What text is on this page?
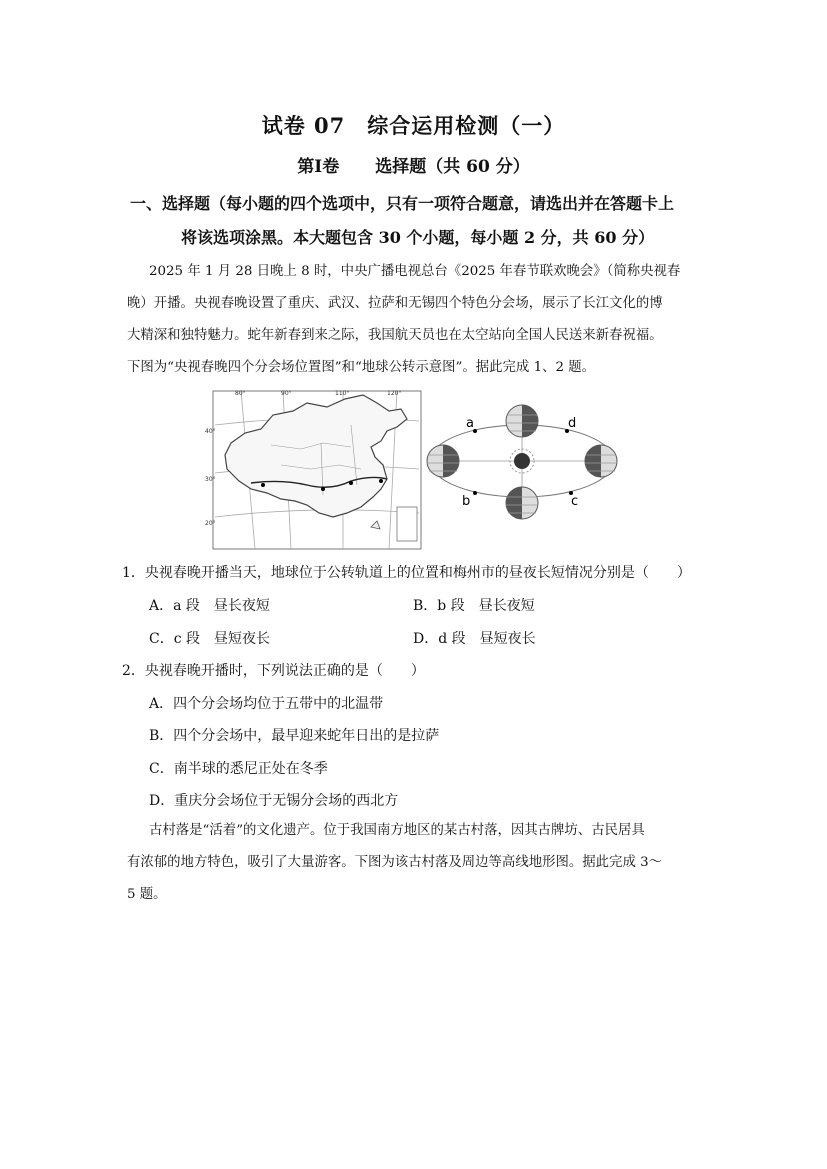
试卷 07　综合运用检测（一）
第Ⅰ卷 选择题（共 60 分）
一、选择题（每小题的四个选项中，只有一项符合题意，请选出并在答题卡上
将该选项涂黑。本大题包含 30 个小题，每小题 2 分，共 60 分）
2025 年 1 月 28 日晚上 8 时，中央广播电视总台《2025 年春节联欢晚会》（简称央视春
晚）开播。央视春晚设置了重庆、武汉、拉萨和无锡四个特色分会场，展示了长江文化的博
大精深和独特魅力。蛇年新春到来之际，我国航天员也在太空站向全国人民送来新春祝福。
下图为“央视春晚四个分会场位置图”和“地球公转示意图”。据此完成 1、2 题。
80°	90°	110°	120°
40°
30°
20°
a
b	c
d
1．央视春晚开播当天，地球位于公转轨道上的位置和梅州市的昼夜长短情况分别是（　　）
A．a 段　昼长夜短	B．b 段　昼长夜短
C．c 段　昼短夜长	D．d 段　昼短夜长
2．央视春晚开播时，下列说法正确的是（　　）
A．四个分会场均位于五带中的北温带
B．四个分会场中，最早迎来蛇年日出的是拉萨
C．南半球的悉尼正处在冬季
D．重庆分会场位于无锡分会场的西北方
古村落是“活着”的文化遗产。位于我国南方地区的某古村落，因其古牌坊、古民居具
有浓郁的地方特色，吸引了大量游客。下图为该古村落及周边等高线地形图。据此完成 3～
5 题。
